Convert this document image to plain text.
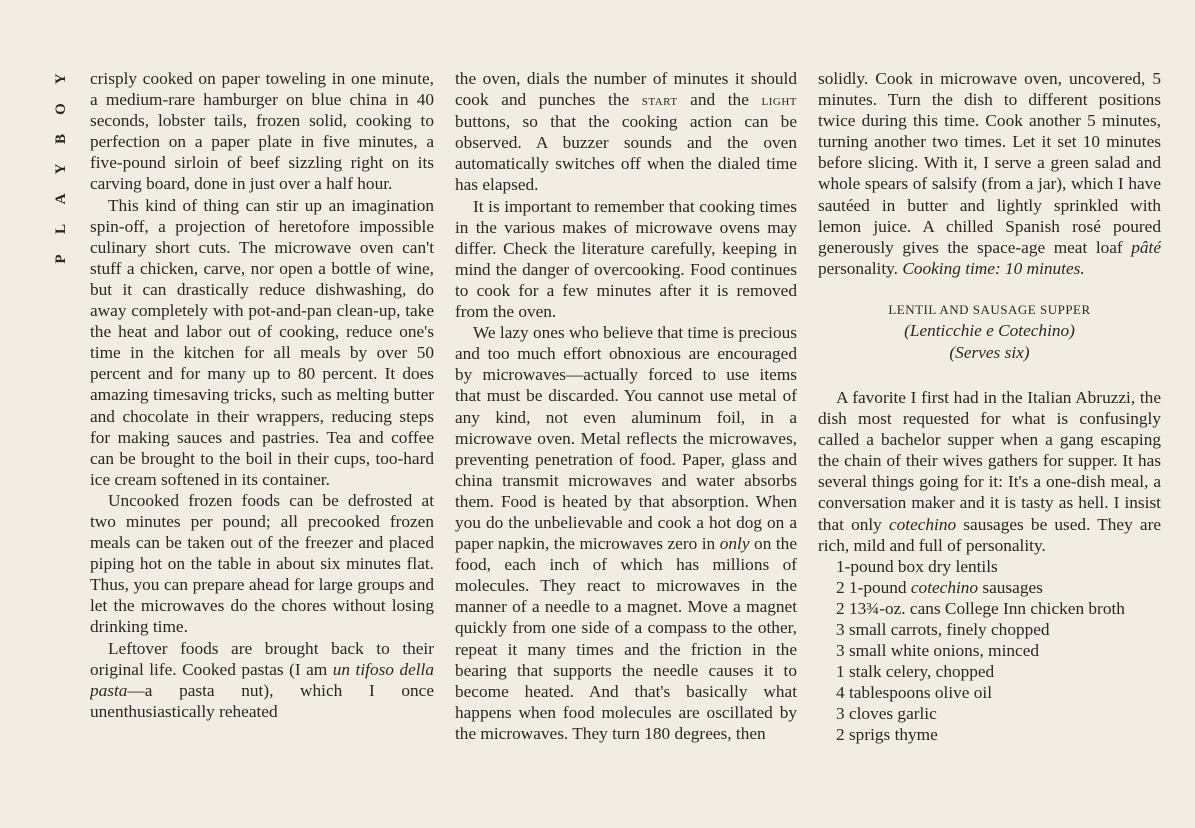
Y
O
B
Y
A
L
P

crisply cooked on paper toweling in one minute, a medium-rare hamburger on blue china in 40 seconds, lobster tails, frozen solid, cooking to perfection on a paper plate in five minutes, a five-pound sirloin of beef sizzling right on its carving board, done in just over a half hour.

This kind of thing can stir up an imagination spin-off, a projection of heretofore impossible culinary short cuts. The microwave oven can't stuff a chicken, carve, nor open a bottle of wine, but it can drastically reduce dishwashing, do away completely with pot-and-pan clean-up, take the heat and labor out of cooking, reduce one's time in the kitchen for all meals by over 50 percent and for many up to 80 percent. It does amazing timesaving tricks, such as melting butter and chocolate in their wrappers, reducing steps for making sauces and pastries. Tea and coffee can be brought to the boil in their cups, too-hard ice cream softened in its container.

Uncooked frozen foods can be defrosted at two minutes per pound; all precooked frozen meals can be taken out of the freezer and placed piping hot on the table in about six minutes flat. Thus, you can prepare ahead for large groups and let the microwaves do the chores without losing drinking time.

Leftover foods are brought back to their original life. Cooked pastas (I am un tifoso della pasta—a pasta nut), which I once unenthusiastically reheated

the oven, dials the number of minutes it should cook and punches the start and the light buttons, so that the cooking action can be observed. A buzzer sounds and the oven automatically switches off when the dialed time has elapsed.

It is important to remember that cooking times in the various makes of microwave ovens may differ. Check the literature carefully, keeping in mind the danger of overcooking. Food continues to cook for a few minutes after it is removed from the oven.

We lazy ones who believe that time is precious and too much effort obnoxious are encouraged by microwaves—actually forced to use items that must be discarded. You cannot use metal of any kind, not even aluminum foil, in a microwave oven. Metal reflects the microwaves, preventing penetration of food. Paper, glass and china transmit microwaves and water absorbs them. Food is heated by that absorption. When you do the unbelievable and cook a hot dog on a paper napkin, the microwaves zero in only on the food, each inch of which has millions of molecules. They react to microwaves in the manner of a needle to a magnet. Move a magnet quickly from one side of a compass to the other, repeat it many times and the friction in the bearing that supports the needle causes it to become heated. And that's basically what happens when food molecules are oscillated by the microwaves. They turn 180 degrees, then

solidly. Cook in microwave oven, uncovered, 5 minutes. Turn the dish to different positions twice during this time. Cook another 5 minutes, turning another two times. Let it set 10 minutes before slicing. With it, I serve a green salad and whole spears of salsify (from a jar), which I have sautéed in butter and lightly sprinkled with lemon juice. A chilled Spanish rosé poured generously gives the space-age meat loaf pâté personality. Cooking time: 10 minutes.

LENTIL AND SAUSAGE SUPPER
(Lenticchie e Cotechino)
(Serves six)

A favorite I first had in the Italian Abruzzi, the dish most requested for what is confusingly called a bachelor supper when a gang escaping the chain of their wives gathers for supper. It has several things going for it: It's a one-dish meal, a conversation maker and it is tasty as hell. I insist that only cotechino sausages be used. They are rich, mild and full of personality.

1-pound box dry lentils
2 1-pound cotechino sausages
2 13¾-oz. cans College Inn chicken broth
3 small carrots, finely chopped
3 small white onions, minced
1 stalk celery, chopped
4 tablespoons olive oil
3 cloves garlic
2 sprigs thyme
